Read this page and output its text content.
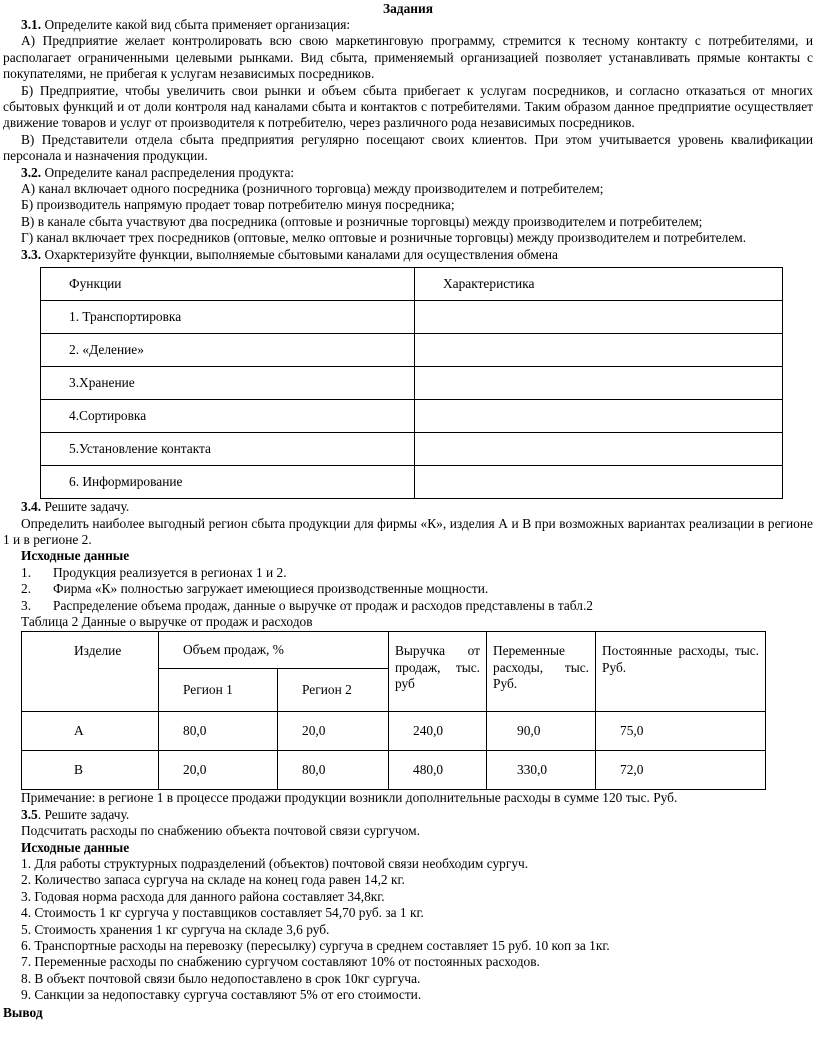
Задания

3.1. Определите какой вид сбыта применяет организация:

А) Предприятие желает контролировать всю свою маркетинговую программу, стремится к тесному контакту с потребителями, и располагает ограниченными целевыми рынками. Вид сбыта, применяемый организацией позволяет устанавливать прямые контакты с покупателями, не прибегая к услугам независимых посредников.

Б) Предприятие, чтобы увеличить свои рынки и объем сбыта прибегает к услугам посредников, и согласно отказаться от многих сбытовых функций и от доли контроля над каналами сбыта и контактов с потребителями. Таким образом данное предприятие осуществляет движение товаров и услуг от производителя к потребителю, через различного рода независимых посредников.

В) Представители отдела сбыта предприятия регулярно посещают своих клиентов. При этом учитывается уровень квалификации персонала и назначения продукции.

3.2. Определите канал распределения продукта:

А) канал включает одного посредника (розничного торговца) между производителем и потребителем;

Б) производитель напрямую продает товар потребителю минуя посредника;

В) в канале сбыта участвуют два посредника (оптовые и розничные торговцы) между производителем и потребителем;

Г) канал включает трех посредников (оптовые, мелко оптовые и розничные торговцы) между производителем и потребителем.

3.3. Охарктеризуйте функции, выполняемые сбытовыми каналами для осуществления обмена

Функции	Характеристика
1. Транспортировка	
2. «Деление»	
3.Хранение	
4.Сортировка	
5.Установление контакта	
6. Информирование	

3.4. Решите задачу.

Определить наиболее выгодный регион сбыта продукции для фирмы «К», изделия А и В при возможных вариантах реализации в регионе 1 и в регионе 2.

Исходные данные

1.	Продукция реализуется в регионах 1 и 2.
2.	Фирма «К» полностью загружает имеющиеся производственные мощности.
3.	Распределение объема продаж, данные о выручке от продаж и расходов представлены в табл.2

Таблица 2 Данные о выручке от продаж и расходов

Изделие	Объем продаж, %		Выручка от продаж, тыс. руб	Переменные расходы, тыс. Руб.	Постоянные расходы, тыс. Руб.
	Регион 1	Регион 2			
А	80,0	20,0	240,0	90,0	75,0
В	20,0	80,0	480,0	330,0	72,0

Примечание: в регионе 1 в процессе продажи продукции возникли дополнительные расходы в сумме 120 тыс. Руб.

3.5. Решите задачу.

Подсчитать расходы по снабжению объекта почтовой связи сургучом.

Исходные данные

1. Для работы структурных подразделений (объектов) почтовой связи необходим сургуч.

2. Количество запаса сургуча на складе на конец года равен 14,2 кг.

3. Годовая норма расхода для данного района составляет 34,8кг.

4. Стоимость 1 кг сургуча у поставщиков составляет 54,70 руб. за 1 кг.

5. Стоимость хранения 1 кг сургуча на складе 3,6 руб.

6. Транспортные расходы на перевозку (пересылку) сургуча в среднем составляет 15 руб. 10 коп за 1кг.

7. Переменные расходы по снабжению сургучом составляют 10% от постоянных расходов.

8. В объект почтовой связи было недопоставлено в срок 10кг сургуча.

9. Санкции за недопоставку сургуча составляют 5% от его стоимости.

Вывод
